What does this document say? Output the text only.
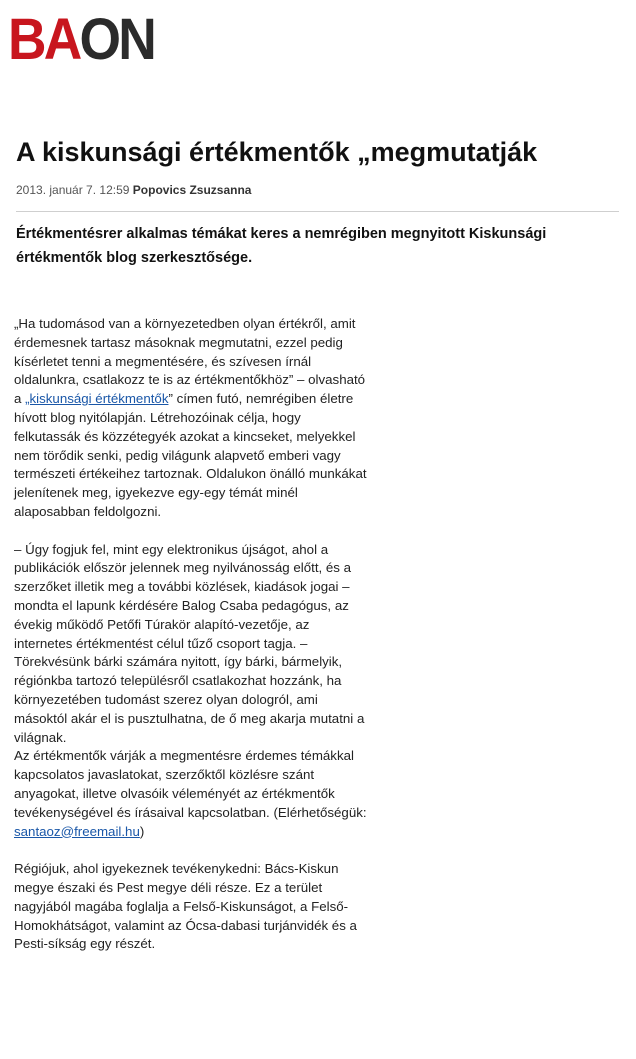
BAON
A kiskunsági értékmentők „megmutatják
2013. január 7. 12:59 Popovics Zsuzsanna
Értékmentésrer alkalmas témákat keres a nemrégiben megnyitott Kiskunsági
értékmentők blog szerkesztősége.
„Ha tudomásod van a környezetedben olyan értékről, amit
érdemesnek tartasz másoknak megmutatni, ezzel pedig
kísérletet tenni a megmentésére, és szívesen írnál
oldalunkra, csatlakozz te is az értékmentőkhöz” – olvasható
a „kiskunsági értékmentők” címen futó, nemrégiben életre
hívott blog nyitólapján. Létrehozóinak célja, hogy
felkutassák és közzétegyék azokat a kincseket, melyekkel
nem törődik senki, pedig világunk alapvető emberi vagy
természeti értékeihez tartoznak. Oldalukon önálló munkákat
jelenítenek meg, igyekezve egy-egy témát minél
alaposabban feldolgozni.
– Úgy fogjuk fel, mint egy elektronikus újságot, ahol a
publikációk először jelennek meg nyilvánosság előtt, és a
szerzőket illetik meg a további közlések, kiadások jogai –
mondta el lapunk kérdésére Balog Csaba pedagógus, az
évekig működő Petőfi Túrakör alapító-vezetője, az
internetes értékmentést célul tűző csoport tagja. –
Törekvésünk bárki számára nyitott, így bárki, bármelyik,
régiónkba tartozó településről csatlakozhat hozzánk, ha
környezetében tudomást szerez olyan dologról, ami
másoktól akár el is pusztulhatna, de ő meg akarja mutatni a
világnak.
Az értékmentők várják a megmentésre érdemes témákkal
kapcsolatos javaslatokat, szerzőktől közlésre szánt
anyagokat, illetve olvasóik véleményét az értékmentők
tevékenységével és írásaival kapcsolatban. (Elérhetőségük:
santaoz@freemail.hu)
Régiójuk, ahol igyekeznek tevékenykedni: Bács-Kiskun
megye északi és Pest megye déli része. Ez a terület
nagyjából magába foglalja a Felső-Kiskunságot, a Felső-
Homokhátságot, valamint az Ócsa-dabasi turjánvidék és a
Pesti-síkság egy részét.
